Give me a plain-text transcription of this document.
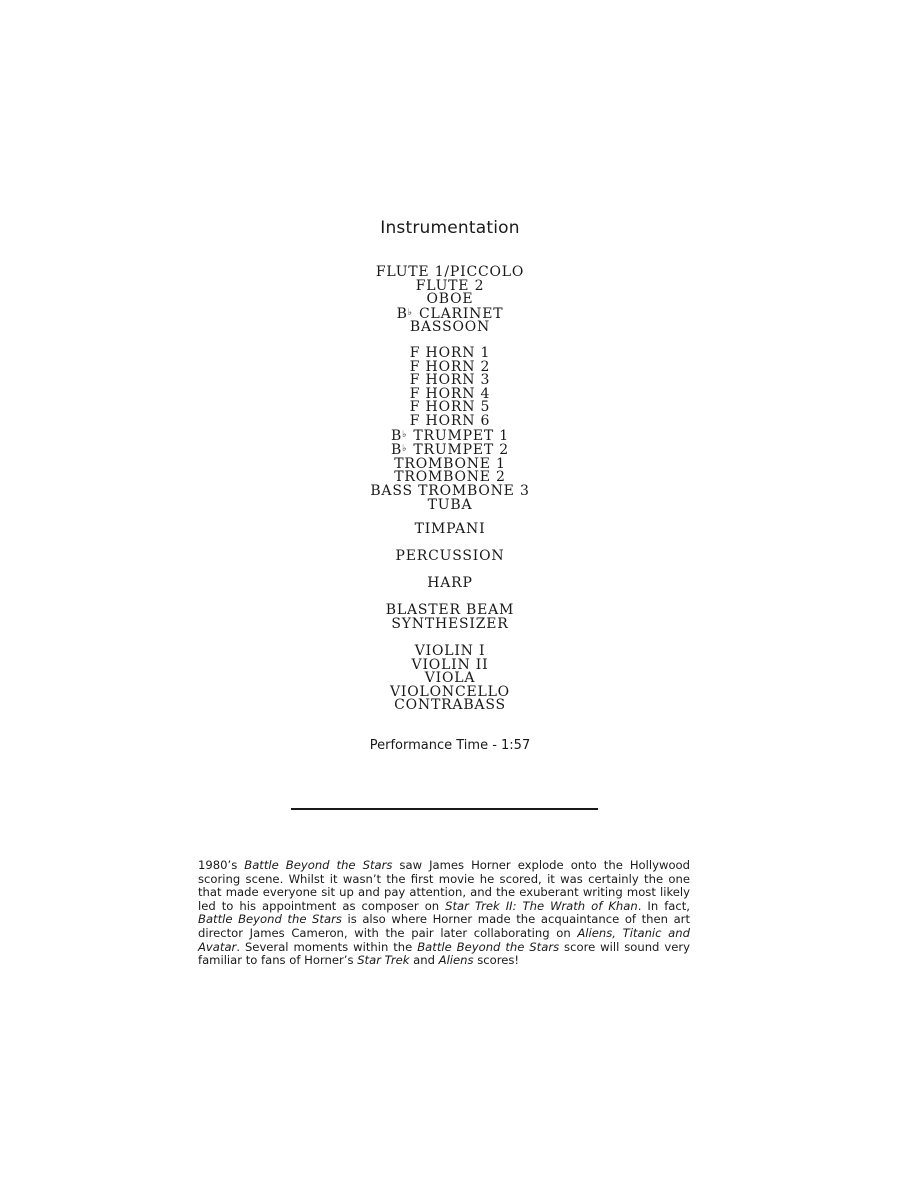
Instrumentation
FLUTE 1/PICCOLO
FLUTE 2
OBOE
B♭ CLARINET
BASSOON
F HORN 1
F HORN 2
F HORN 3
F HORN 4
F HORN 5
F HORN 6
B♭ TRUMPET 1
B♭ TRUMPET 2
TROMBONE 1
TROMBONE 2
BASS TROMBONE 3
TUBA
TIMPANI
PERCUSSION
HARP
BLASTER BEAM
SYNTHESIZER
VIOLIN I
VIOLIN II
VIOLA
VIOLONCELLO
CONTRABASS
Performance Time - 1:57
1980’s Battle Beyond the Stars saw James Horner explode onto the Hollywood scoring scene. Whilst it wasn’t the first movie he scored, it was certainly the one that made everyone sit up and pay attention, and the exuberant writing most likely led to his appointment as composer on Star Trek II: The Wrath of Khan. In fact, Battle Beyond the Stars is also where Horner made the acquaintance of then art director James Cameron, with the pair later collaborating on Aliens, Titanic and Avatar. Several moments within the Battle Beyond the Stars score will sound very familiar to fans of Horner’s Star Trek and Aliens scores!
